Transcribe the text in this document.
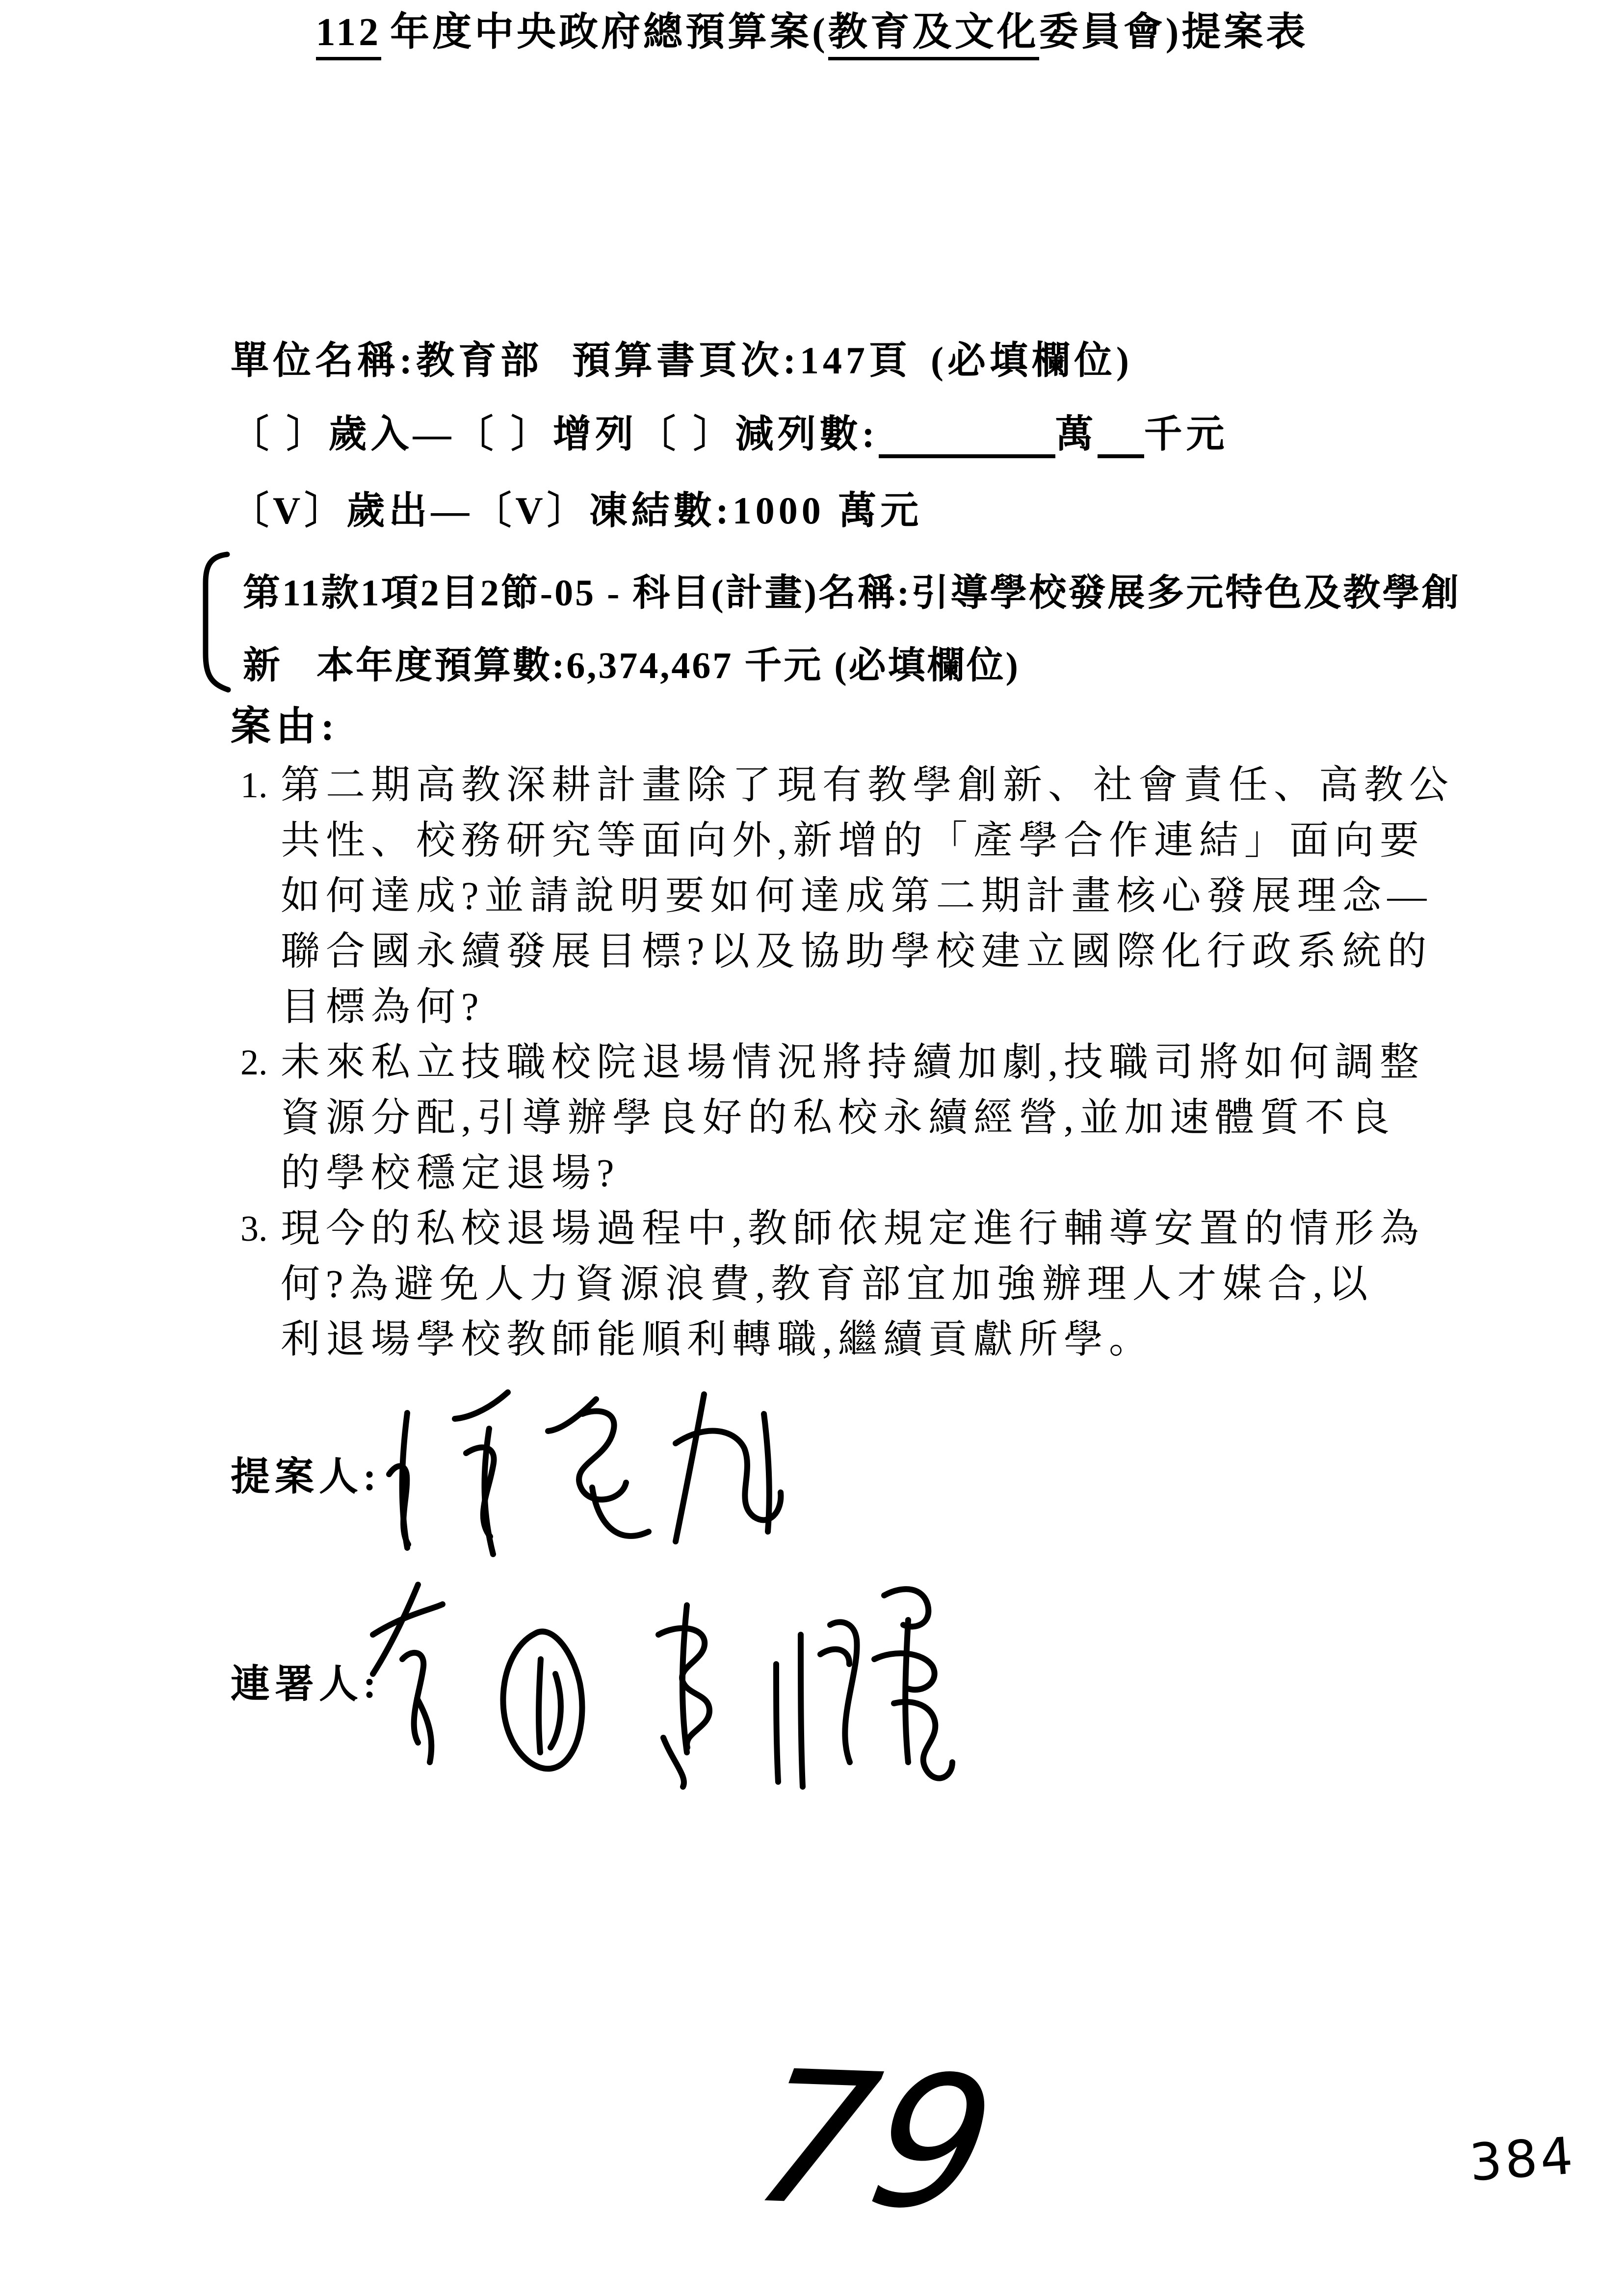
112 年度中央政府總預算案(教育及文化委員會)提案表
單位名稱:教育部 預算書頁次:147頁 (必填欄位)
〔 〕歲入—〔 〕增列〔 〕減列數:	萬 千元
〔V〕歲出—〔V〕凍結數:1000 萬元
第11款1項2目2節-05 - 科目(計畫)名稱:引導學校發展多元特色及教學創
新 本年度預算數:6,374,467 千元 (必填欄位)
案由:
1. 第二期高教深耕計畫除了現有教學創新、社會責任、高教公
共性、校務研究等面向外,新增的「產學合作連結」面向要
如何達成?並請說明要如何達成第二期計畫核心發展理念—
聯合國永續發展目標?以及協助學校建立國際化行政系統的
目標為何?
2. 未來私立技職校院退場情況將持續加劇,技職司將如何調整
資源分配,引導辦學良好的私校永續經營,並加速體質不良
的學校穩定退場?
3. 現今的私校退場過程中,教師依規定進行輔導安置的情形為
何?為避免人力資源浪費,教育部宜加強辦理人才媒合,以
利退場學校教師能順利轉職,繼續貢獻所學。
提案人:
連署人:
79	384
